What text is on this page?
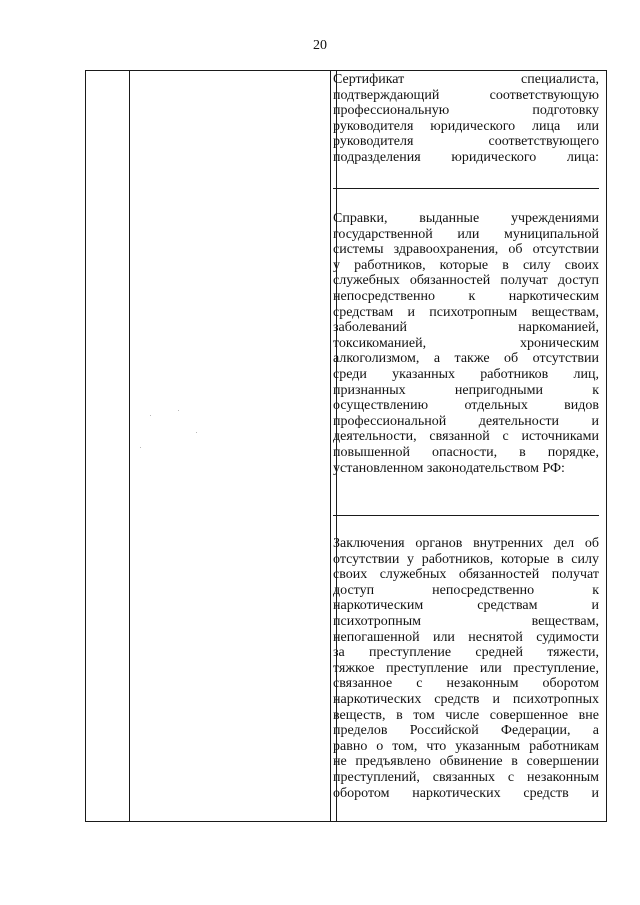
20
Сертификат специалиста,
подтверждающий соответствующую
профессиональную подготовку
руководителя юридического лица или
руководителя соответствующего
подразделения юридического лица:
Справки, выданные учреждениями
государственной или муниципальной
системы здравоохранения, об отсутствии
у работников, которые в силу своих
служебных обязанностей получат доступ
непосредственно к наркотическим
средствам и психотропным веществам,
заболеваний наркоманией,
токсикоманией, хроническим
алкоголизмом, а также об отсутствии
среди указанных работников лиц,
признанных непригодными к
осуществлению отдельных видов
профессиональной деятельности и
деятельности, связанной с источниками
повышенной опасности, в порядке,
установленном законодательством РФ:
Заключения органов внутренних дел об
отсутствии у работников, которые в силу
своих служебных обязанностей получат
доступ непосредственно к
наркотическим средствам и
психотропным веществам,
непогашенной или неснятой судимости
за преступление средней тяжести,
тяжкое преступление или преступление,
связанное с незаконным оборотом
наркотических средств и психотропных
веществ, в том числе совершенное вне
пределов Российской Федерации, а
равно о том, что указанным работникам
не предъявлено обвинение в совершении
преступлений, связанных с незаконным
оборотом наркотических средств и
